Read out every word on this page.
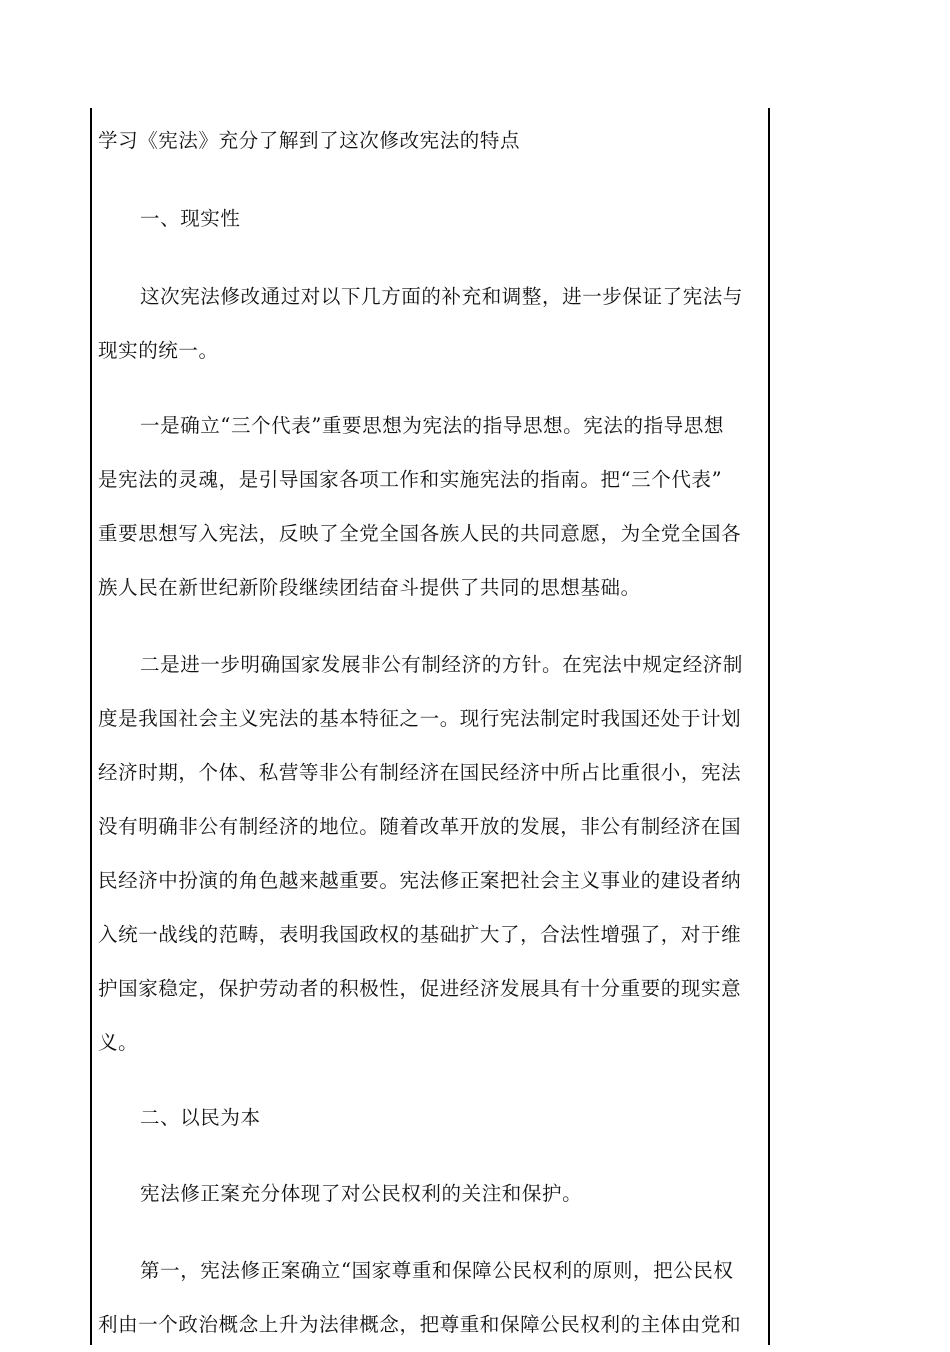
学习《宪法》充分了解到了这次修改宪法的特点
一、现实性
这次宪法修改通过对以下几方面的补充和调整，进一步保证了宪法与
现实的统一。
一是确立“三个代表”重要思想为宪法的指导思想。宪法的指导思想
是宪法的灵魂，是引导国家各项工作和实施宪法的指南。把“三个代表”
重要思想写入宪法，反映了全党全国各族人民的共同意愿，为全党全国各
族人民在新世纪新阶段继续团结奋斗提供了共同的思想基础。
二是进一步明确国家发展非公有制经济的方针。在宪法中规定经济制
度是我国社会主义宪法的基本特征之一。现行宪法制定时我国还处于计划
经济时期，个体、私营等非公有制经济在国民经济中所占比重很小，宪法
没有明确非公有制经济的地位。随着改革开放的发展，非公有制经济在国
民经济中扮演的角色越来越重要。宪法修正案把社会主义事业的建设者纳
入统一战线的范畴，表明我国政权的基础扩大了，合法性增强了，对于维
护国家稳定，保护劳动者的积极性，促进经济发展具有十分重要的现实意
义。
二、以民为本
宪法修正案充分体现了对公民权利的关注和保护。
第一，宪法修正案确立“国家尊重和保障公民权利的原则，把公民权
利由一个政治概念上升为法律概念，把尊重和保障公民权利的主体由党和
